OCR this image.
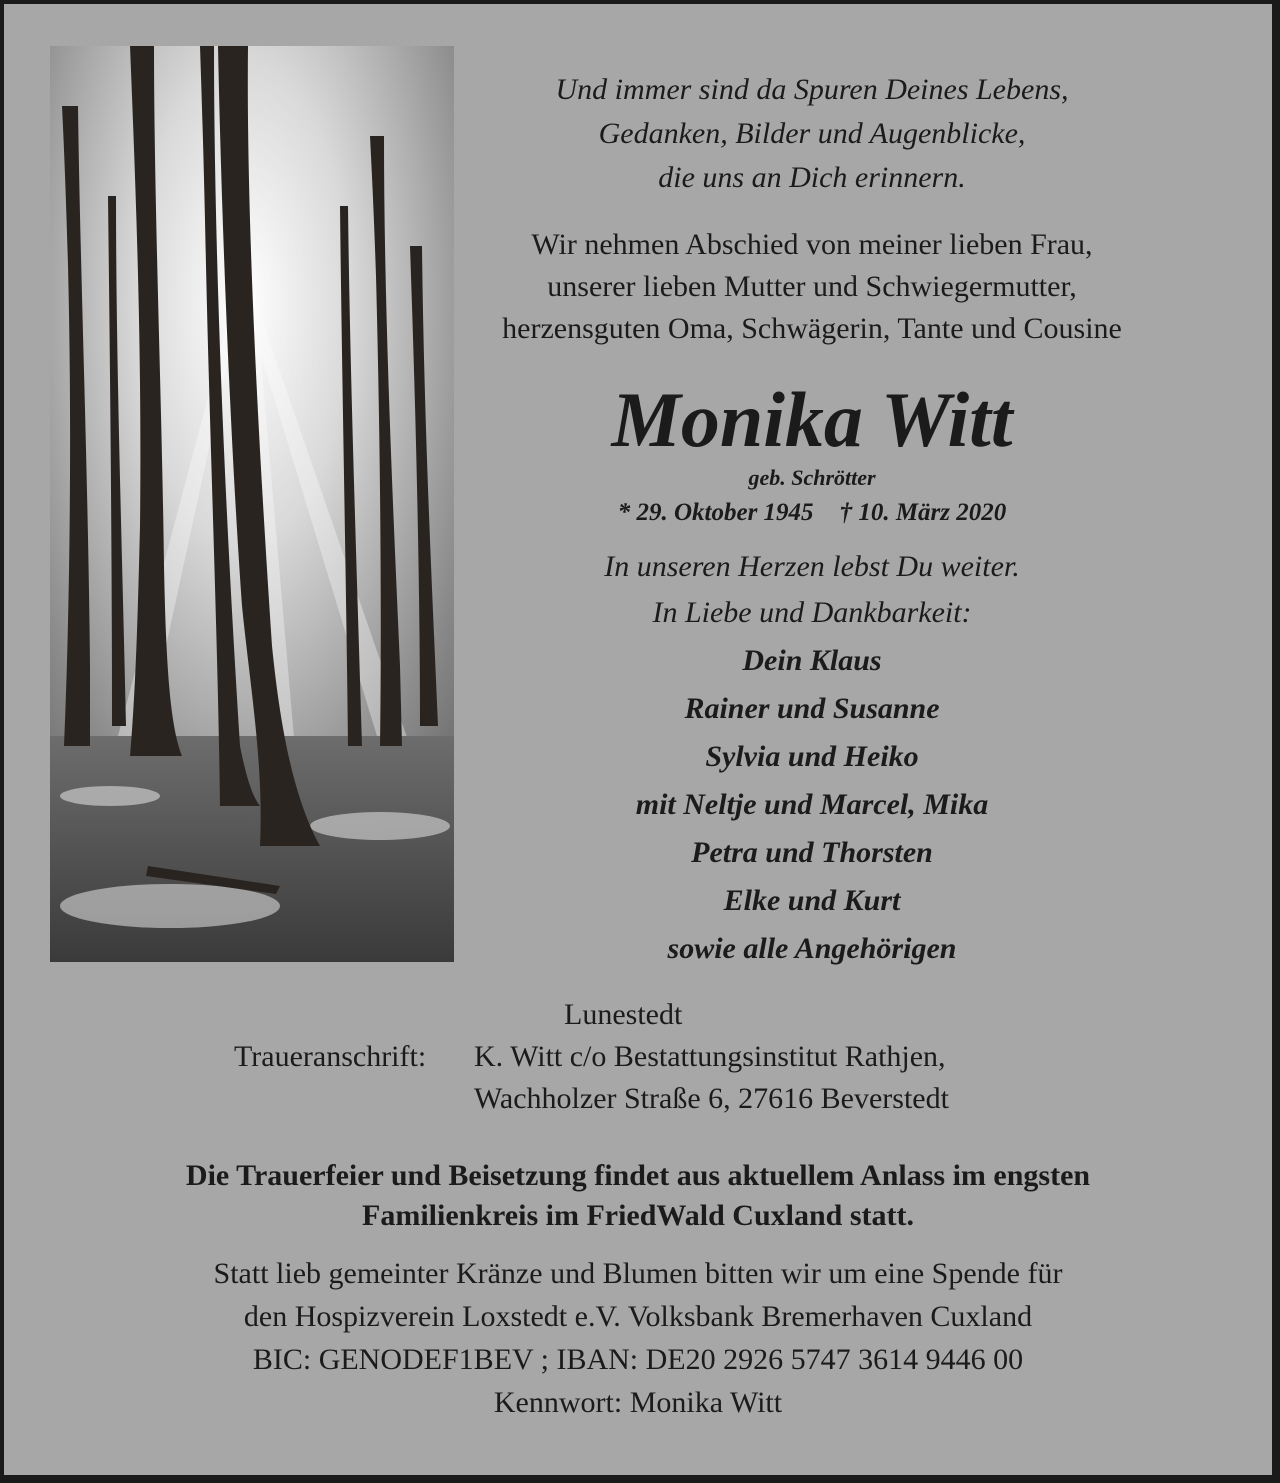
Und immer sind da Spuren Deines Lebens,
Gedanken, Bilder und Augenblicke,
die uns an Dich erinnern.
Wir nehmen Abschied von meiner lieben Frau,
unserer lieben Mutter und Schwiegermutter,
herzensguten Oma, Schwägerin, Tante und Cousine
Monika Witt
geb. Schrötter
* 29. Oktober 1945 † 10. März 2020
In unseren Herzen lebst Du weiter.
In Liebe und Dankbarkeit:
Dein Klaus
Rainer und Susanne
Sylvia und Heiko
mit Neltje und Marcel, Mika
Petra und Thorsten
Elke und Kurt
sowie alle Angehörigen
Lunestedt
Traueranschrift:	K. Witt c/o Bestattungsinstitut Rathjen,
Wachholzer Straße 6, 27616 Beverstedt
Die Trauerfeier und Beisetzung findet aus aktuellem Anlass im engsten
Familienkreis im FriedWald Cuxland statt.
Statt lieb gemeinter Kränze und Blumen bitten wir um eine Spende für
den Hospizverein Loxstedt e.V. Volksbank Bremerhaven Cuxland
BIC: GENODEF1BEV ; IBAN: DE20 2926 5747 3614 9446 00
Kennwort: Monika Witt
